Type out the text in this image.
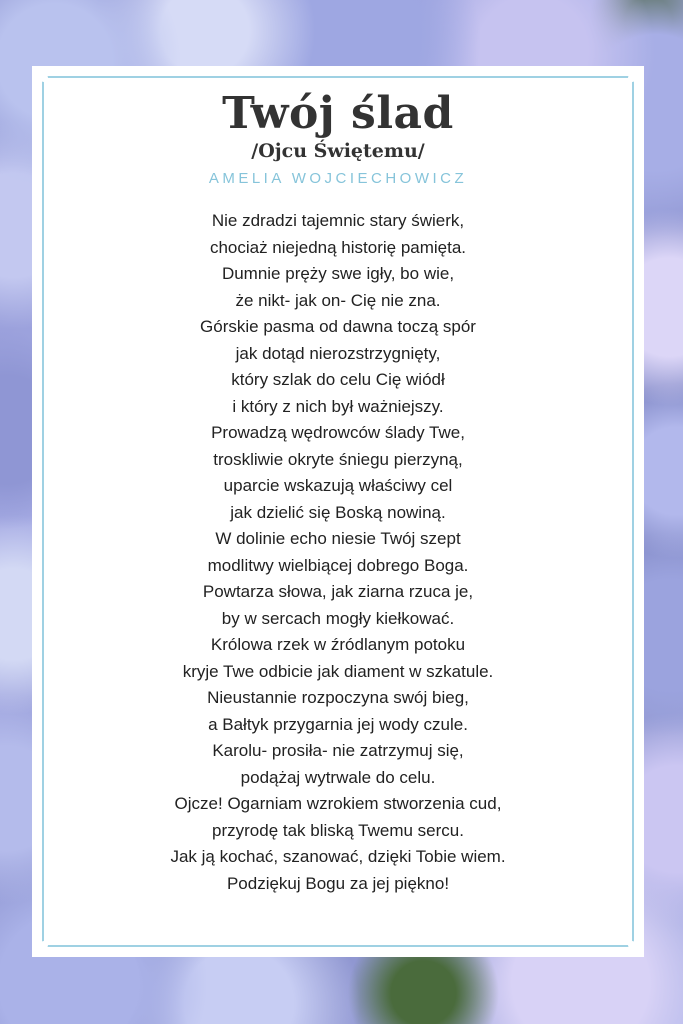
Twój ślad
/Ojcu Świętemu/
AMELIA WOJCIECHOWICZ
Nie zdradzi tajemnic stary świerk,
chociaż niejedną historię pamięta.
Dumnie pręży swe igły, bo wie,
że nikt- jak on- Cię nie zna.
Górskie pasma od dawna toczą spór
jak dotąd nierozstrzygnięty,
który szlak do celu Cię wiódł
i który z nich był ważniejszy.
Prowadzą wędrowców ślady Twe,
troskliwie okryte śniegu pierzyną,
uparcie wskazują właściwy cel
jak dzielić się Boską nowiną.
W dolinie echo niesie Twój szept
modlitwy wielbiącej dobrego Boga.
Powtarza słowa, jak ziarna rzuca je,
by w sercach mogły kiełkować.
Królowa rzek w źródlanym potoku
kryje Twe odbicie jak diament w szkatule.
Nieustannie rozpoczyna swój bieg,
a Bałtyk przygarnia jej wody czule.
Karolu- prosiła- nie zatrzymuj się,
podążaj wytrwale do celu.
Ojcze! Ogarniam wzrokiem stworzenia cud,
przyrodę tak bliską Twemu sercu.
Jak ją kochać, szanować, dzięki Tobie wiem.
Podziękuj Bogu za jej piękno!
